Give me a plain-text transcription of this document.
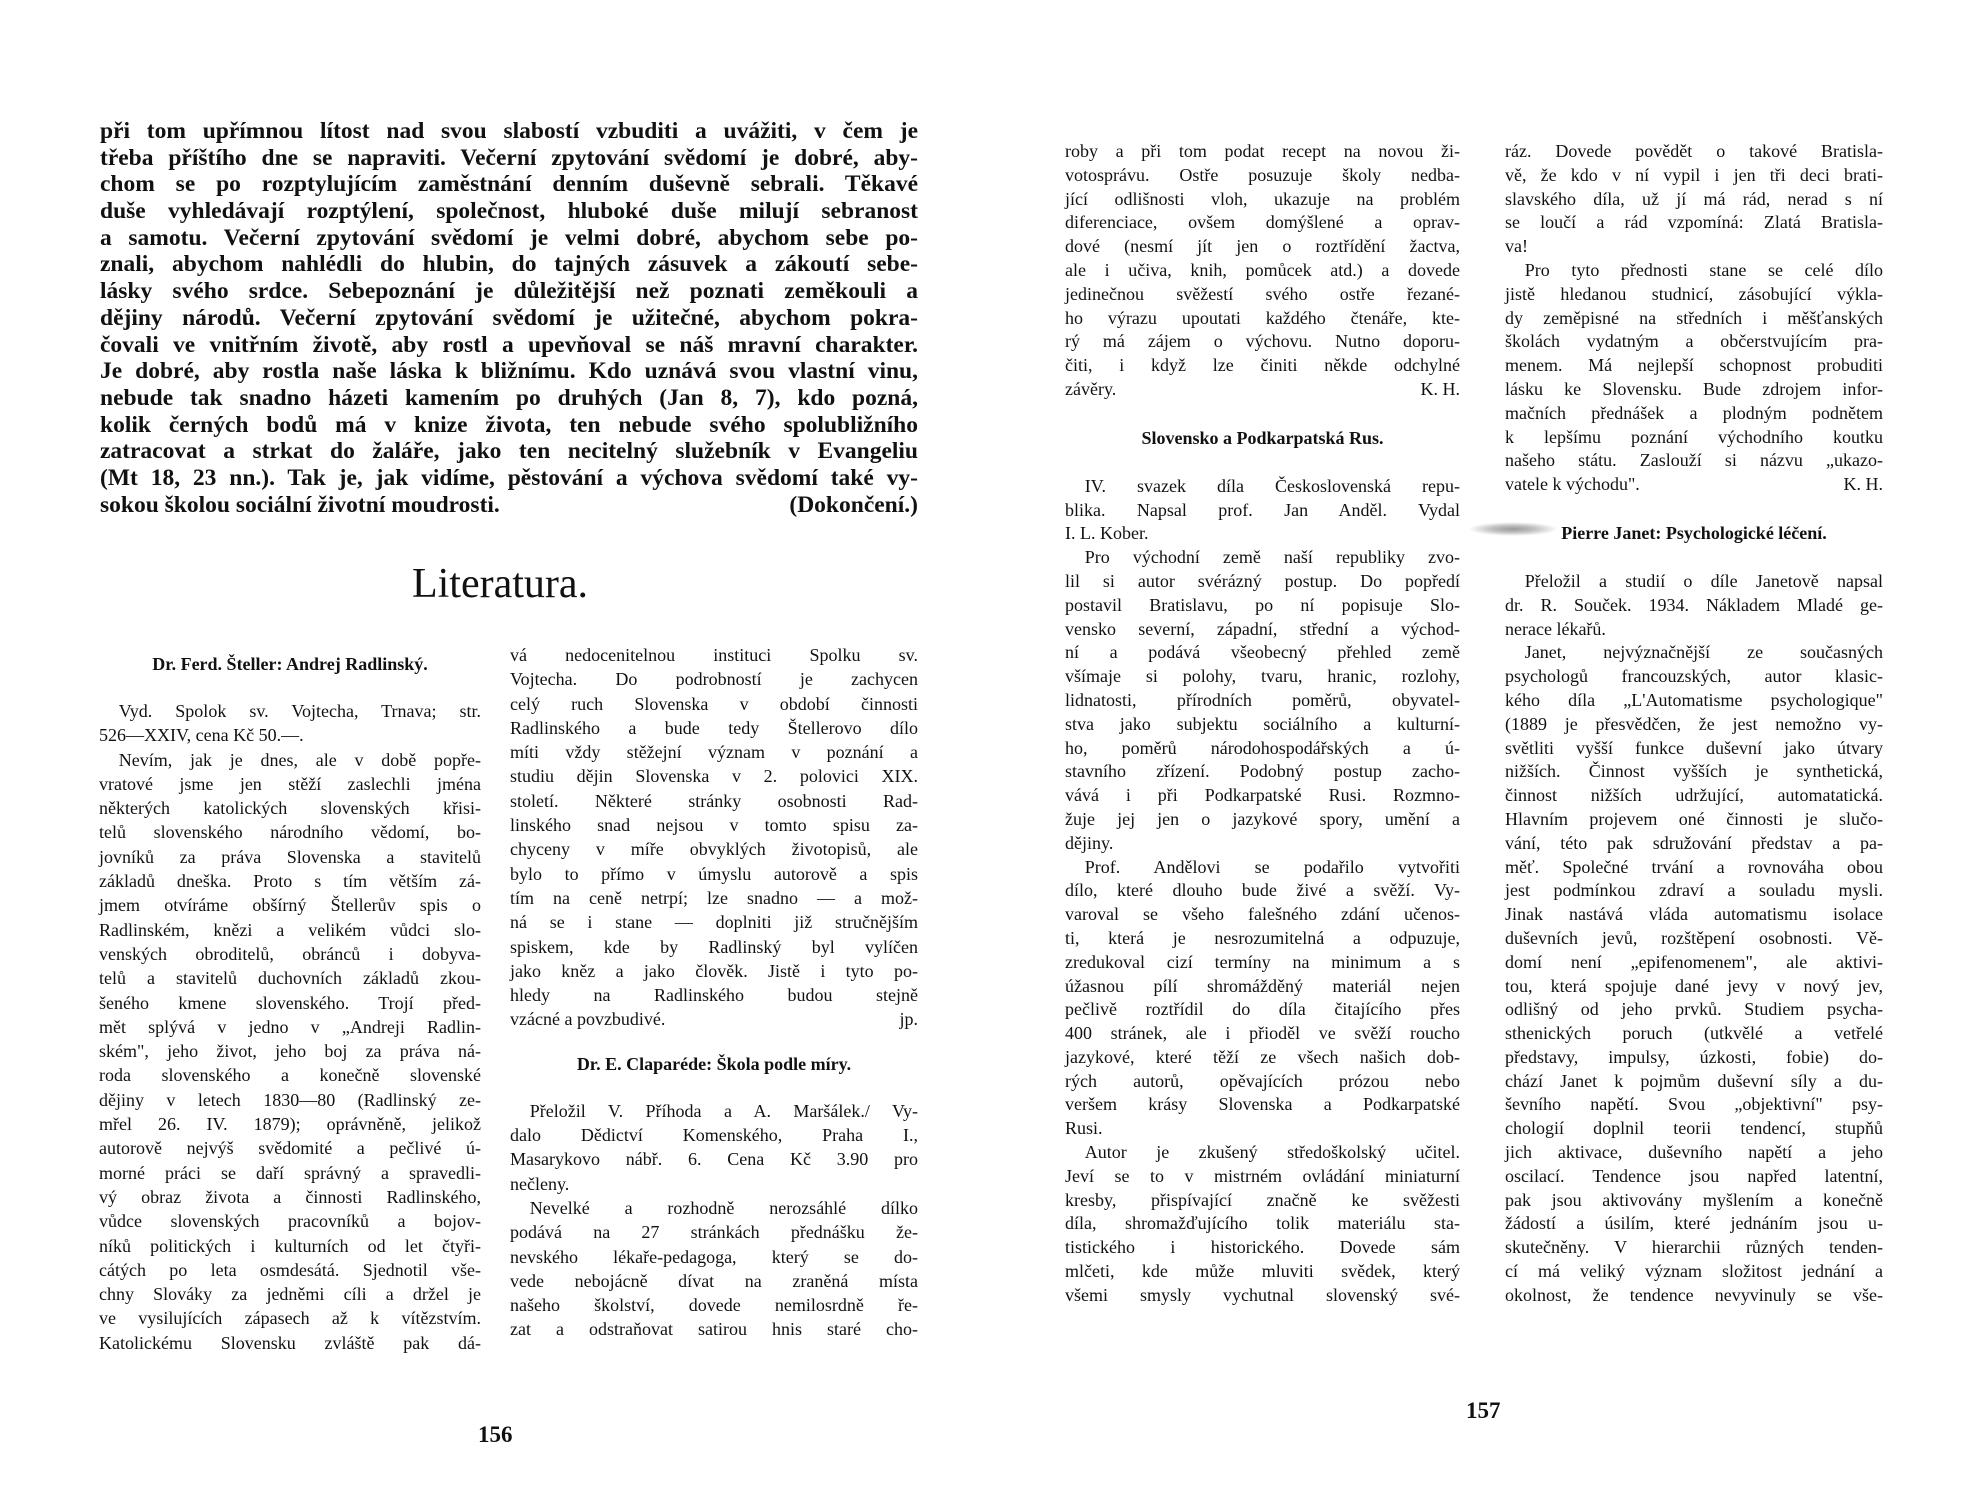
při tom upřímnou lítost nad svou slabostí vzbuditi a uvážiti, v čem je
třeba příštího dne se napraviti. Večerní zpytování svědomí je dobré, aby-
chom se po rozptylujícím zaměstnání denním duševně sebrali. Těkavé
duše vyhledávají rozptýlení, společnost, hluboké duše milují sebranost
a samotu. Večerní zpytování svědomí je velmi dobré, abychom sebe po-
znali, abychom nahlédli do hlubin, do tajných zásuvek a zákoutí sebe-
lásky svého srdce. Sebepoznání je důležitější než poznati zeměkouli a
dějiny národů. Večerní zpytování svědomí je užitečné, abychom pokra-
čovali ve vnitřním životě, aby rostl a upevňoval se náš mravní charakter.
Je dobré, aby rostla naše láska k bližnímu. Kdo uznává svou vlastní vinu,
nebude tak snadno házeti kamením po druhých (Jan 8, 7), kdo pozná,
kolik černých bodů má v knize života, ten nebude svého spolubližního
zatracovat a strkat do žaláře, jako ten necitelný služebník v Evangeliu
(Mt 18, 23 nn.). Tak je, jak vidíme, pěstování a výchova svědomí také vy-
sokou školou sociální životní moudrosti.	(Dokončení.)
Literatura.
Dr. Ferd. Šteller: Andrej Radlinský.
Vyd. Spolok sv. Vojtecha, Trnava; str.
526—XXIV, cena Kč 50.—.
Nevím, jak je dnes, ale v době popře-
vratové jsme jen stěží zaslechli jména
některých katolických slovenských křisi-
telů slovenského národního vědomí, bo-
jovníků za práva Slovenska a stavitelů
základů dneška. Proto s tím větším zá-
jmem otvíráme obšírný Štellerův spis o
Radlinském, knězi a velikém vůdci slo-
venských obroditelů, obránců i dobyva-
telů a stavitelů duchovních základů zkou-
šeného kmene slovenského. Trojí před-
mět splývá v jedno v „Andreji Radlin-
ském", jeho život, jeho boj za práva ná-
roda slovenského a konečně slovenské
dějiny v letech 1830—80 (Radlinský ze-
mřel 26. IV. 1879); oprávněně, jelikož
autorově nejvýš svědomité a pečlivé ú-
morné práci se daří správný a spravedli-
vý obraz života a činnosti Radlinského,
vůdce slovenských pracovníků a bojov-
níků politických i kulturních od let čtyři-
cátých po leta osmdesátá. Sjednotil vše-
chny Slováky za jedněmi cíli a držel je
ve vysilujících zápasech až k vítězstvím.
Katolickému Slovensku zvláště pak dá-
vá nedocenitelnou instituci Spolku sv.
Vojtecha. Do podrobností je zachycen
celý ruch Slovenska v období činnosti
Radlinského a bude tedy Štellerovo dílo
míti vždy stěžejní význam v poznání a
studiu dějin Slovenska v 2. polovici XIX.
století. Některé stránky osobnosti Rad-
linského snad nejsou v tomto spisu za-
chyceny v míře obvyklých životopisů, ale
bylo to přímo v úmyslu autorově a spis
tím na ceně netrpí; lze snadno — a mož-
ná se i stane — doplniti již stručnějším
spiskem, kde by Radlinský byl vylíčen
jako kněz a jako člověk. Jistě i tyto po-
hledy na Radlinského budou stejně
vzácné a povzbudivé.	jp.
Dr. E. Claparéde: Škola podle míry.
Přeložil V. Příhoda a A. Maršálek./ Vy-
dalo Dědictví Komenského, Praha I.,
Masarykovo nábř. 6. Cena Kč 3.90 pro
nečleny.
Nevelké a rozhodně nerozsáhlé dílko
podává na 27 stránkách přednášku že-
nevského lékaře-pedagoga, který se do-
vede nebojácně dívat na zraněná místa
našeho školství, dovede nemilosrdně ře-
zat a odstraňovat satirou hnis staré cho-
156
roby a při tom podat recept na novou ži-
votosprávu. Ostře posuzuje školy nedba-
jící odlišnosti vloh, ukazuje na problém
diferenciace, ovšem domýšlené a oprav-
dové (nesmí jít jen o roztřídění žactva,
ale i učiva, knih, pomůcek atd.) a dovede
jedinečnou svěžestí svého ostře řezané-
ho výrazu upoutati každého čtenáře, kte-
rý má zájem o výchovu. Nutno doporu-
čiti, i když lze činiti někde odchylné
závěry.	K. H.
Slovensko a Podkarpatská Rus.
IV. svazek díla Československá repu-
blika. Napsal prof. Jan Anděl. Vydal
I. L. Kober.
Pro východní země naší republiky zvo-
lil si autor svérázný postup. Do popředí
postavil Bratislavu, po ní popisuje Slo-
vensko severní, západní, střední a východ-
ní a podává všeobecný přehled země
všímaje si polohy, tvaru, hranic, rozlohy,
lidnatosti, přírodních poměrů, obyvatel-
stva jako subjektu sociálního a kulturní-
ho, poměrů národohospodářských a ú-
stavního zřízení. Podobný postup zacho-
vává i při Podkarpatské Rusi. Rozmno-
žuje jej jen o jazykové spory, umění a
dějiny.
Prof. Andělovi se podařilo vytvořiti
dílo, které dlouho bude živé a svěží. Vy-
varoval se všeho falešného zdání učenos-
ti, která je nesrozumitelná a odpuzuje,
zredukoval cizí termíny na minimum a s
úžasnou pílí shromážděný materiál nejen
pečlivě roztřídil do díla čitajícího přes
400 stránek, ale i přioděl ve svěží roucho
jazykové, které těží ze všech našich dob-
rých autorů, opěvajících prózou nebo
veršem krásy Slovenska a Podkarpatské
Rusi.
Autor je zkušený středoškolský učitel.
Jeví se to v mistrném ovládání miniaturní
kresby, přispívající značně ke svěžesti
díla, shromažďujícího tolik materiálu sta-
tistického i historického. Dovede sám
mlčeti, kde může mluviti svědek, který
všemi smysly vychutnal slovenský své-
ráz. Dovede povědět o takové Bratisla-
vě, že kdo v ní vypil i jen tři deci brati-
slavského díla, už jí má rád, nerad s ní
se loučí a rád vzpomíná: Zlatá Bratisla-
va!
Pro tyto přednosti stane se celé dílo
jistě hledanou studnicí, zásobující výkla-
dy zeměpisné na středních i měšťanských
školách vydatným a občerstvujícím pra-
menem. Má nejlepší schopnost probuditi
lásku ke Slovensku. Bude zdrojem infor-
mačních přednášek a plodným podnětem
k lepšímu poznání východního koutku
našeho státu. Zaslouží si názvu „ukazo-
vatele k východu".	K. H.
Pierre Janet: Psychologické léčení.
Přeložil a studií o díle Janetově napsal
dr. R. Souček. 1934. Nákladem Mladé ge-
nerace lékařů.
Janet, nejvýznačnější ze současných
psychologů francouzských, autor klasic-
kého díla „L'Automatisme psychologique"
(1889 je přesvědčen, že jest nemožno vy-
světliti vyšší funkce duševní jako útvary
nižších. Činnost vyšších je synthetická,
činnost nižších udržující, automatatická.
Hlavním projevem oné činnosti je slučo-
vání, této pak sdružování představ a pa-
měť. Společné trvání a rovnováha obou
jest podmínkou zdraví a souladu mysli.
Jinak nastává vláda automatismu isolace
duševních jevů, rozštěpení osobnosti. Vě-
domí není „epifenomenem", ale aktivi-
tou, která spojuje dané jevy v nový jev,
odlišný od jeho prvků. Studiem psycha-
sthenických poruch (utkvělé a vetřelé
představy, impulsy, úzkosti, fobie) do-
chází Janet k pojmům duševní síly a du-
ševního napětí. Svou „objektivní" psy-
chologií doplnil teorii tendencí, stupňů
jich aktivace, duševního napětí a jeho
oscilací. Tendence jsou napřed latentní,
pak jsou aktivovány myšlením a konečně
žádostí a úsilím, které jednáním jsou u-
skutečněny. V hierarchii různých tenden-
cí má veliký význam složitost jednání a
okolnost, že tendence nevyvinuly se vše-
157
